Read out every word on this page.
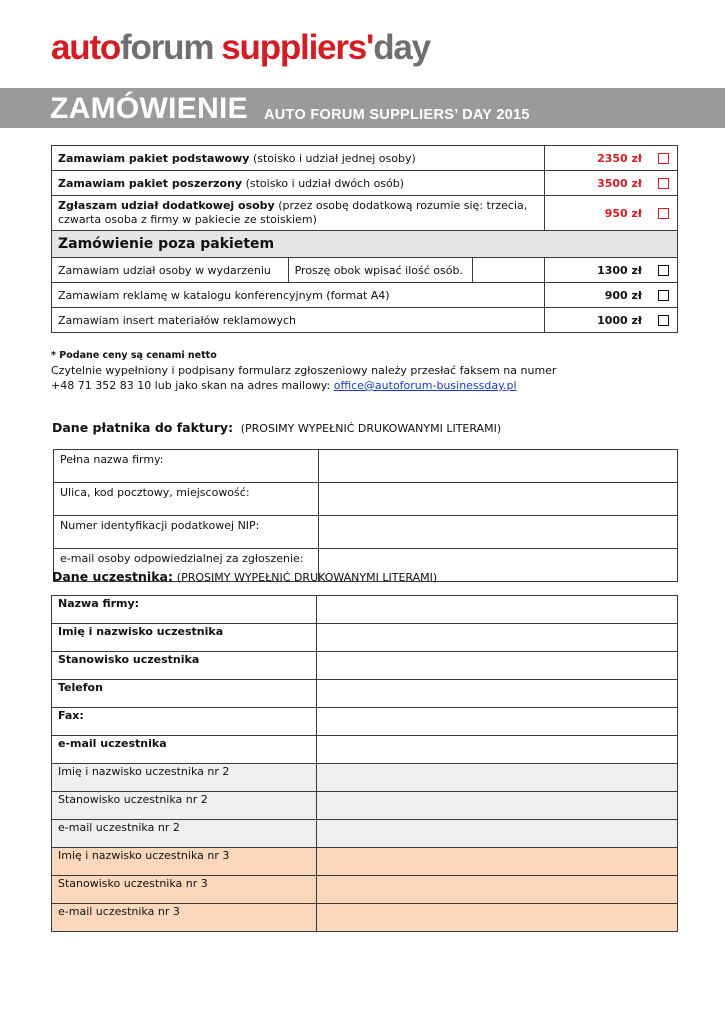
autoforum suppliers'day
ZAMÓWIENIE AUTO FORUM SUPPLIERS’ DAY 2015
Zamawiam pakiet podstawowy (stoisko i udział jednej osoby)			2350 zł
Zamawiam pakiet poszerzony (stoisko i udział dwóch osób)			3500 zł
Zgłaszam udział dodatkowej osoby (przez osobę dodatkową rozumie się: trzecia, czwarta osoba z firmy w pakiecie ze stoiskiem)			950 zł
Zamówienie poza pakietem			
Zamawiam udział osoby w wydarzeniu	Proszę obok wpisać ilość osób.		1300 zł
Zamawiam reklamę w katalogu konferencyjnym (format A4)			900 zł
Zamawiam insert materiałów reklamowych			1000 zł
* Podane ceny są cenami netto
Czytelnie wypełniony i podpisany formularz zgłoszeniowy należy przesłać faksem na numer
+48 71 352 83 10 lub jako skan na adres mailowy: office@autoforum-businessday.pl
Dane płatnika do faktury: (PROSIMY WYPEŁNIĆ DRUKOWANYMI LITERAMI)
Pełna nazwa firmy:	
Ulica, kod pocztowy, miejscowość:	
Numer identyfikacji podatkowej NIP:	
e-mail osoby odpowiedzialnej za zgłoszenie:	
Dane uczestnika: (PROSIMY WYPEŁNIĆ DRUKOWANYMI LITERAMI)
Nazwa firmy:	
Imię i nazwisko uczestnika	
Stanowisko uczestnika	
Telefon	
Fax:	
e-mail uczestnika	
Imię i nazwisko uczestnika nr 2	
Stanowisko uczestnika nr 2	
e-mail uczestnika nr 2	
Imię i nazwisko uczestnika nr 3	
Stanowisko uczestnika nr 3	
e-mail uczestnika nr 3	
